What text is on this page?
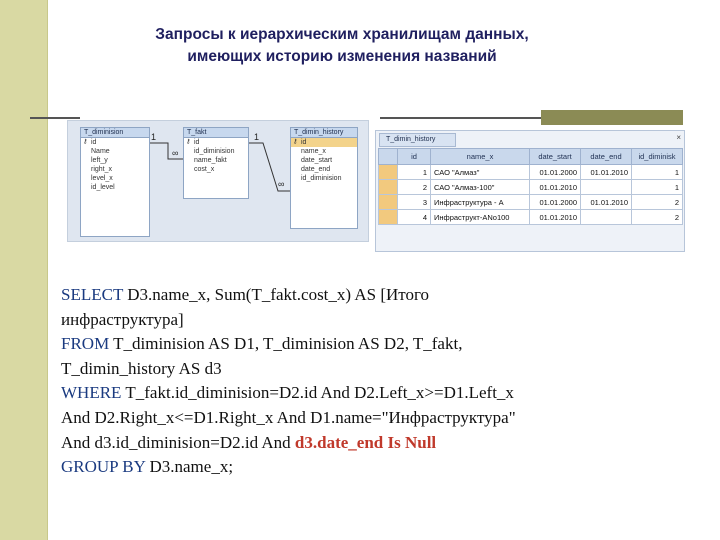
Запросы к иерархическим хранилищам данных,
имеющих историю изменения названий
T_diminision
⚷ id
Name
left_y
right_x
level_x
id_level
T_fakt
⚷ id
id_diminision
name_fakt
cost_x
T_dimin_history
⚷ id
name_x
date_start
date_end
id_diminision
1
∞
1
∞
T_dimin_history	×
	id	name_x	date_start	date_end	id_diminisk
	1	САО "Алмаз"	01.01.2000	01.01.2010	1
	2	САО "Алмаз-100"	01.01.2010		1
	3	Инфраструктура - А	01.01.2000	01.01.2010	2
	4	Инфраструкт-АNo100	01.01.2010		2
SELECT D3.name_x, Sum(T_fakt.cost_x) AS [Итого
инфраструктура]
FROM T_diminision AS D1, T_diminision AS D2, T_fakt,
T_dimin_history AS d3
WHERE T_fakt.id_diminision=D2.id And D2.Left_x>=D1.Left_x
And D2.Right_x<=D1.Right_x And D1.name="Инфраструктура"
And d3.id_diminision=D2.id And d3.date_end Is Null
GROUP BY D3.name_x;
